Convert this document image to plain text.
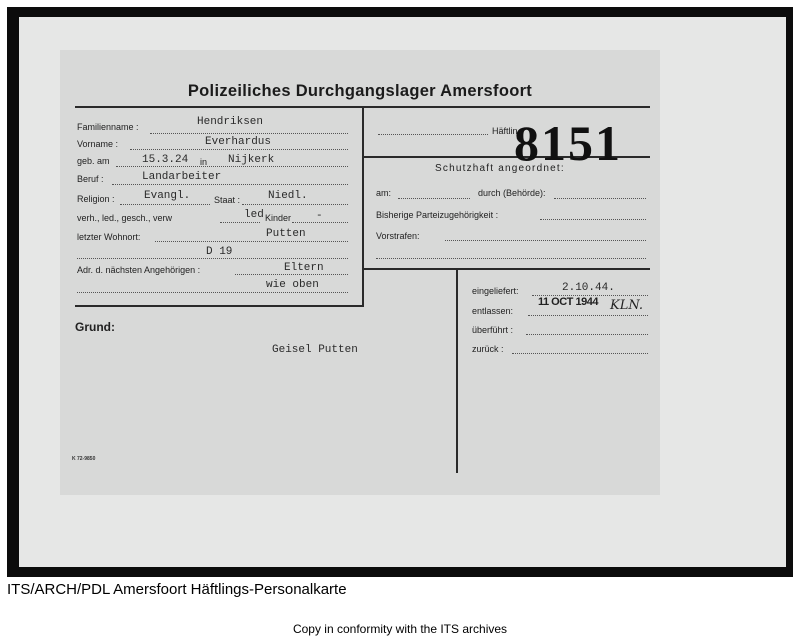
Polizeiliches Durchgangslager Amersfoort
Häftlin
8151
Familienname :	Hendriksen
Vorname :	Everhardus
geb. am	15.3.24 in Nijkerk
Beruf :	Landarbeiter
Religion :	Evangl.	Staat :	Niedl.
verh., led., gesch., verw	led Kinder -
letzter Wohnort:	Putten
D 19
Adr. d. nächsten Angehörigen :	Eltern
wie oben
Schutzhaft angeordnet:
am:	durch (Behörde):
Bisherige Parteizugehörigkeit :
Vorstrafen:
Grund:
Geisel Putten
eingeliefert:	2.10.44.
entlassen:
11 OCT 1944 KLN.
überführt :
zurück :
K 72-9850
ITS/ARCH/PDL Amersfoort Häftlings-Personalkarte
Copy in conformity with the ITS archives
